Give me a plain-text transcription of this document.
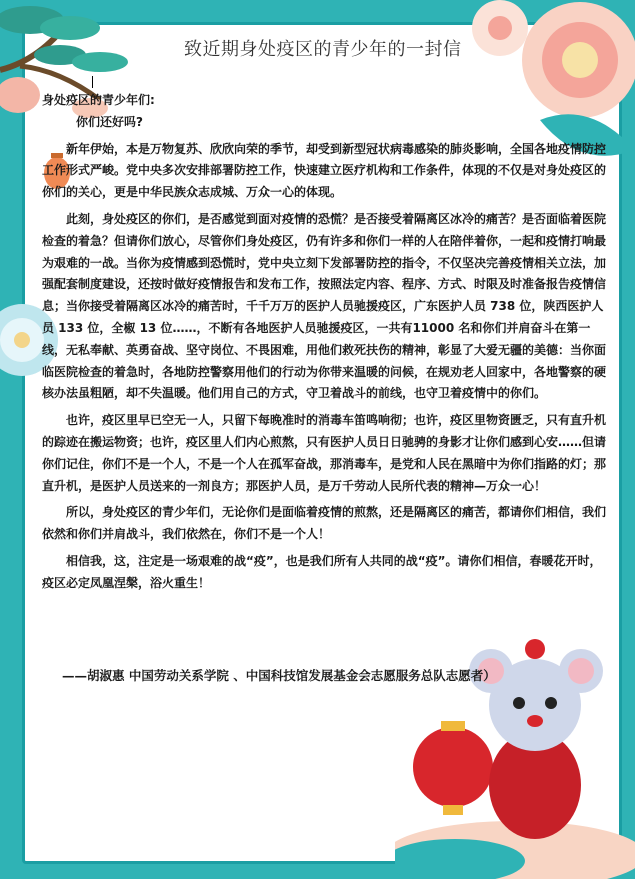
致近期身处疫区的青少年的一封信

身处疫区的青少年们:

你们还好吗?

新年伊始，本是万物复苏、欣欣向荣的季节，却受到新型冠状病毒感染的肺炎影响，全国各地疫情防控工作形式严峻。党中央多次安排部署防控工作，快速建立医疗机构和工作条件，体现的不仅是对身处疫区的你们的关心，更是中华民族众志成城、万众一心的体现。

此刻，身处疫区的你们，是否感觉到面对疫情的恐慌？是否接受着隔离区冰冷的痛苦？是否面临着医院检查的着急？但请你们放心，尽管你们身处疫区，仍有许多和你们一样的人在陪伴着你，一起和疫情打响最为艰难的一战。当你为疫情感到恐慌时，党中央立刻下发部署防控的指令，不仅坚决完善疫情相关立法，加强配套制度建设，还按时做好疫情报告和发布工作，按照法定内容、程序、方式、时限及时准备报告疫情信息；当你接受着隔离区冰冷的痛苦时，千千万万的医护人员驰援疫区，广东医护人员 738 位，陕西医护人员 133 位，全椒 13 位……，不断有各地医护人员驰援疫区，一共有11000 名和你们并肩奋斗在第一线，无私奉献、英勇奋战、坚守岗位、不畏困难，用他们救死扶伤的精神，彰显了大爱无疆的美德：当你面临医院检查的着急时，各地防控警察用他们的行动为你带来温暖的问候，在规劝老人回家中，各地警察的硬核办法虽粗陋，却不失温暖。他们用自己的方式，守卫着战斗的前线，也守卫着疫情中的你们。

也许，疫区里早已空无一人，只留下每晚准时的消毒车笛鸣响彻；也许，疫区里物资匮乏，只有直升机的踪迹在搬运物资；也许，疫区里人们内心煎熬，只有医护人员日日驰骋的身影才让你们感到心安……但请你们记住，你们不是一个人，不是一个人在孤军奋战，那消毒车，是党和人民在黑暗中为你们指路的灯；那直升机，是医护人员送来的一剂良方；那医护人员，是万千劳动人民所代表的精神—万众一心！

所以，身处疫区的青少年们，无论你们是面临着疫情的煎熬，还是隔离区的痛苦，都请你们相信，我们依然和你们并肩战斗，我们依然在，你们不是一个人！

相信我，这，注定是一场艰难的战“疫”，也是我们所有人共同的战“疫”。请你们相信，春暖花开时，疫区必定凤凰涅槃，浴火重生！

——胡淑惠 中国劳动关系学院 、中国科技馆发展基金会志愿服务总队志愿者）
